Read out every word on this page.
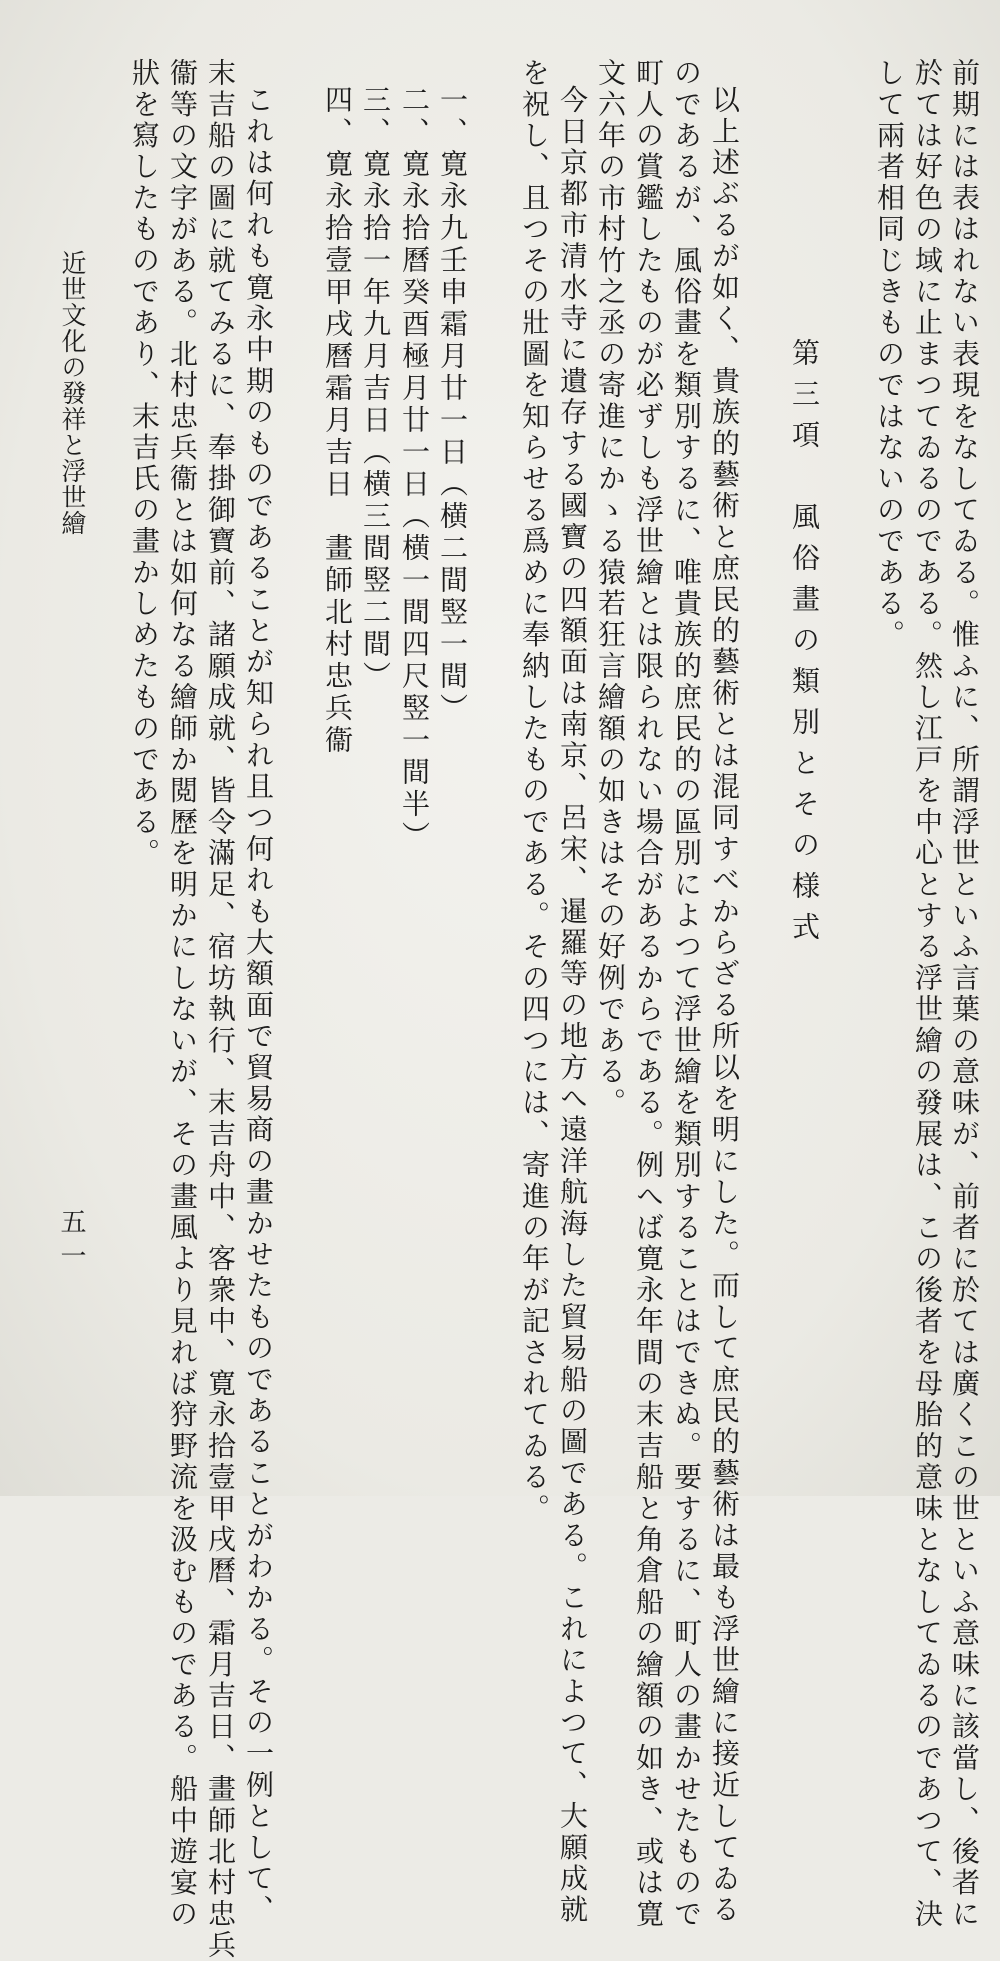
前期には表はれない表現をなしてゐる。惟ふに、所謂浮世といふ言葉の意味が、前者に於ては廣くこの世といふ意味に該當し、後者に
於ては好色の域に止まつてゐるのである。然し江戸を中心とする浮世繪の發展は、この後者を母胎的意味となしてゐるのであつて、決
して兩者相同じきものではないのである。
第三項　風俗畫の類別とその様式
以上述ぶるが如く、貴族的藝術と庶民的藝術とは混同すべからざる所以を明にした。而して庶民的藝術は最も浮世繪に接近してゐる
のであるが、風俗畫を類別するに、唯貴族的庶民的の區別によつて浮世繪を類別することはできぬ。要するに、町人の畫かせたもので
町人の賞鑑したものが必ずしも浮世繪とは限られない場合があるからである。例へば寛永年間の末吉船と角倉船の繪額の如き、或は寛
文六年の市村竹之丞の寄進にかゝる猿若狂言繪額の如きはその好例である。
今日京都市清水寺に遺存する國寶の四額面は南京、呂宋、暹羅等の地方へ遠洋航海した貿易船の圖である。これによつて、大願成就
を祝し、且つその壯圖を知らせる爲めに奉納したものである。その四つには、寄進の年が記されてゐる。
一、寛永九壬申霜月廿一日（横二間竪一間）
二、寛永拾曆癸酉極月廿一日（横一間四尺竪一間半）
三、寛永拾一年九月吉日（横三間竪二間）
四、寛永拾壹甲戌曆霜月吉日　畫師北村忠兵衞
これは何れも寛永中期のものであることが知られ且つ何れも大額面で貿易商の畫かせたものであることがわかる。その一例として、
末吉船の圖に就てみるに、奉掛御寶前、諸願成就、皆令滿足、宿坊執行、末吉舟中、客衆中、寛永拾壹甲戌曆、霜月吉日、畫師北村忠兵
衞等の文字がある。北村忠兵衞とは如何なる繪師か閲歷を明かにしないが、その畫風より見れば狩野流を汲むものである。船中遊宴の
狀を寫したものであり、末吉氏の畫かしめたものである。
近世文化の發祥と浮世繪
五一
